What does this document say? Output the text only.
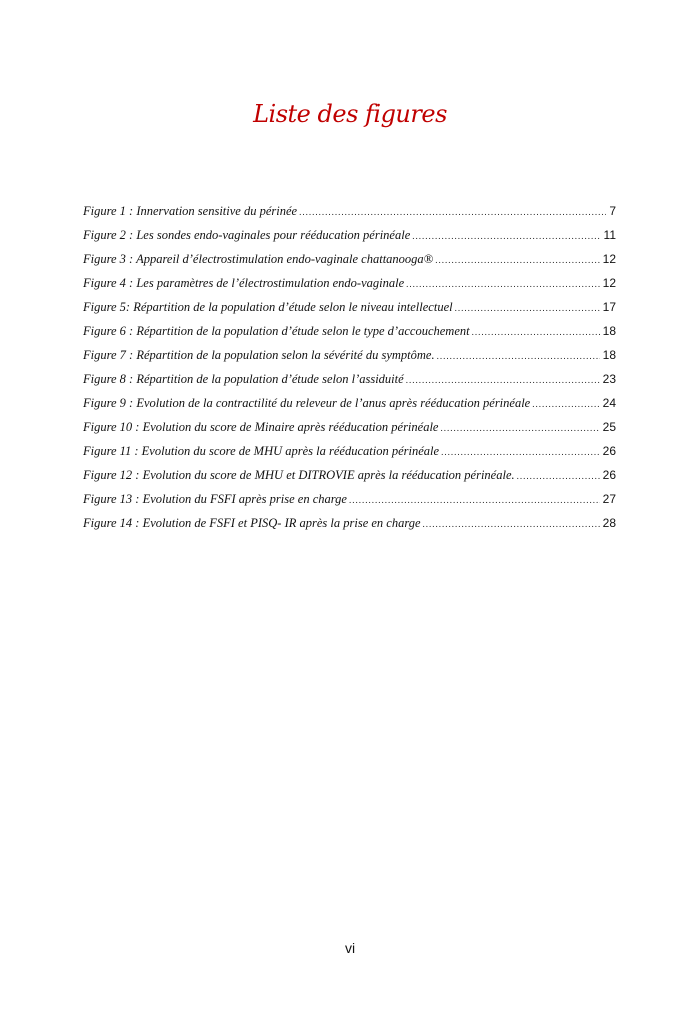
Liste des figures
Figure 1 : Innervation sensitive du périnée .....	7
Figure 2 : Les sondes endo-vaginales pour rééducation périnéale .....	11
Figure 3 : Appareil d’électrostimulation endo-vaginale chattanooga® .....	12
Figure 4 : Les paramètres de l’électrostimulation endo-vaginale .....	12
Figure 5: Répartition de la population d’étude selon le niveau intellectuel .....	17
Figure 6 : Répartition de la population d’étude selon le type d’accouchement .....	18
Figure 7 : Répartition de la population selon la sévérité du symptôme. .....	18
Figure 8 : Répartition de la population d’étude selon l’assiduité .....	23
Figure 9 : Evolution de la contractilité du releveur de l’anus après rééducation périnéale .....	24
Figure 10 : Evolution du score de Minaire après rééducation périnéale .....	25
Figure 11 : Evolution du score de MHU après la rééducation périnéale .....	26
Figure 12 : Evolution du score de MHU et DITROVIE après la rééducation périnéale. .....	26
Figure 13 : Evolution du FSFI après prise en charge .....	27
Figure 14 : Evolution de FSFI et PISQ- IR après la prise en charge .....	28
vi
